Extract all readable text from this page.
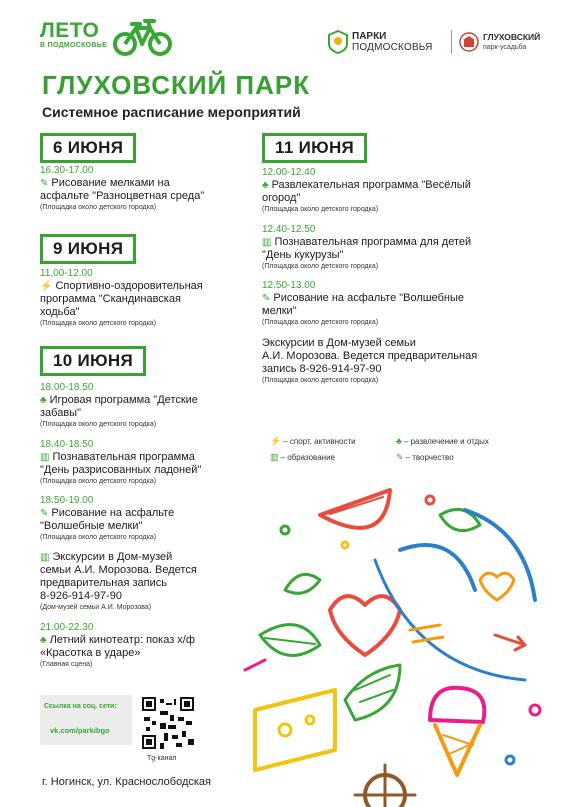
ЛЕТО
В ПОДМОСКОВЬЕ
ПАРКИ
ПОДМОСКОВЬЯ
ГЛУХОВСКИЙ
парк-усадьба
ГЛУХОВСКИЙ ПАРК
Системное расписание мероприятий
6 ИЮНЯ
16.30-17.00
✎ Рисование мелками на
асфальте "Разноцветная среда"
(Площадка около детского городка)
9 ИЮНЯ
11.00-12.00
⚡ Спортивно-оздоровительная
программа "Скандинавская
ходьба"
(Площадка около детского городка)
10 ИЮНЯ
18.00-18.50
♣ Игровая программа "Детские
забавы"
(Площадка около детского городка)
18.40-18.50
▥ Познавательная программа
"День разрисованных ладоней"
(Площадка около детского городка)
18.50-19.00
✎ Рисование на асфальте
"Волшебные мелки"
(Площадка около детского городка)
▥ Экскурсии в Дом-музей
семьи А.И. Морозова. Ведется
предварительная запись
8-926-914-97-90
(Дом-музей семьи А.И. Морозова)
21.00-22.30
♣ Летний кинотеатр: показ х/ф
«Красотка в ударе»
(Главная сцена)
11 ИЮНЯ
12.00-12.40
♣ Развлекательная программа "Весёлый
огород"
(Площадка около детского городка)
12.40-12.50
▥ Познавательная программа для детей
"День кукурузы"
(Площадка около детского городка)
12.50-13.00
✎ Рисование на асфальте "Волшебные
мелки"
(Площадка около детского городка)
Экскурсии в Дом-музей семьи
А.И. Морозова. Ведется предварительная
запись 8-926-914-97-90
(Площадка около детского городка)
⚡ – спорт. активности	♣ – развлечение и отдых
▥ – образование	✎ – творчество
Ссылка на соц. сети:
vk.com/parkibgo
Tg-канал
г. Ногинск, ул. Краснослободская
